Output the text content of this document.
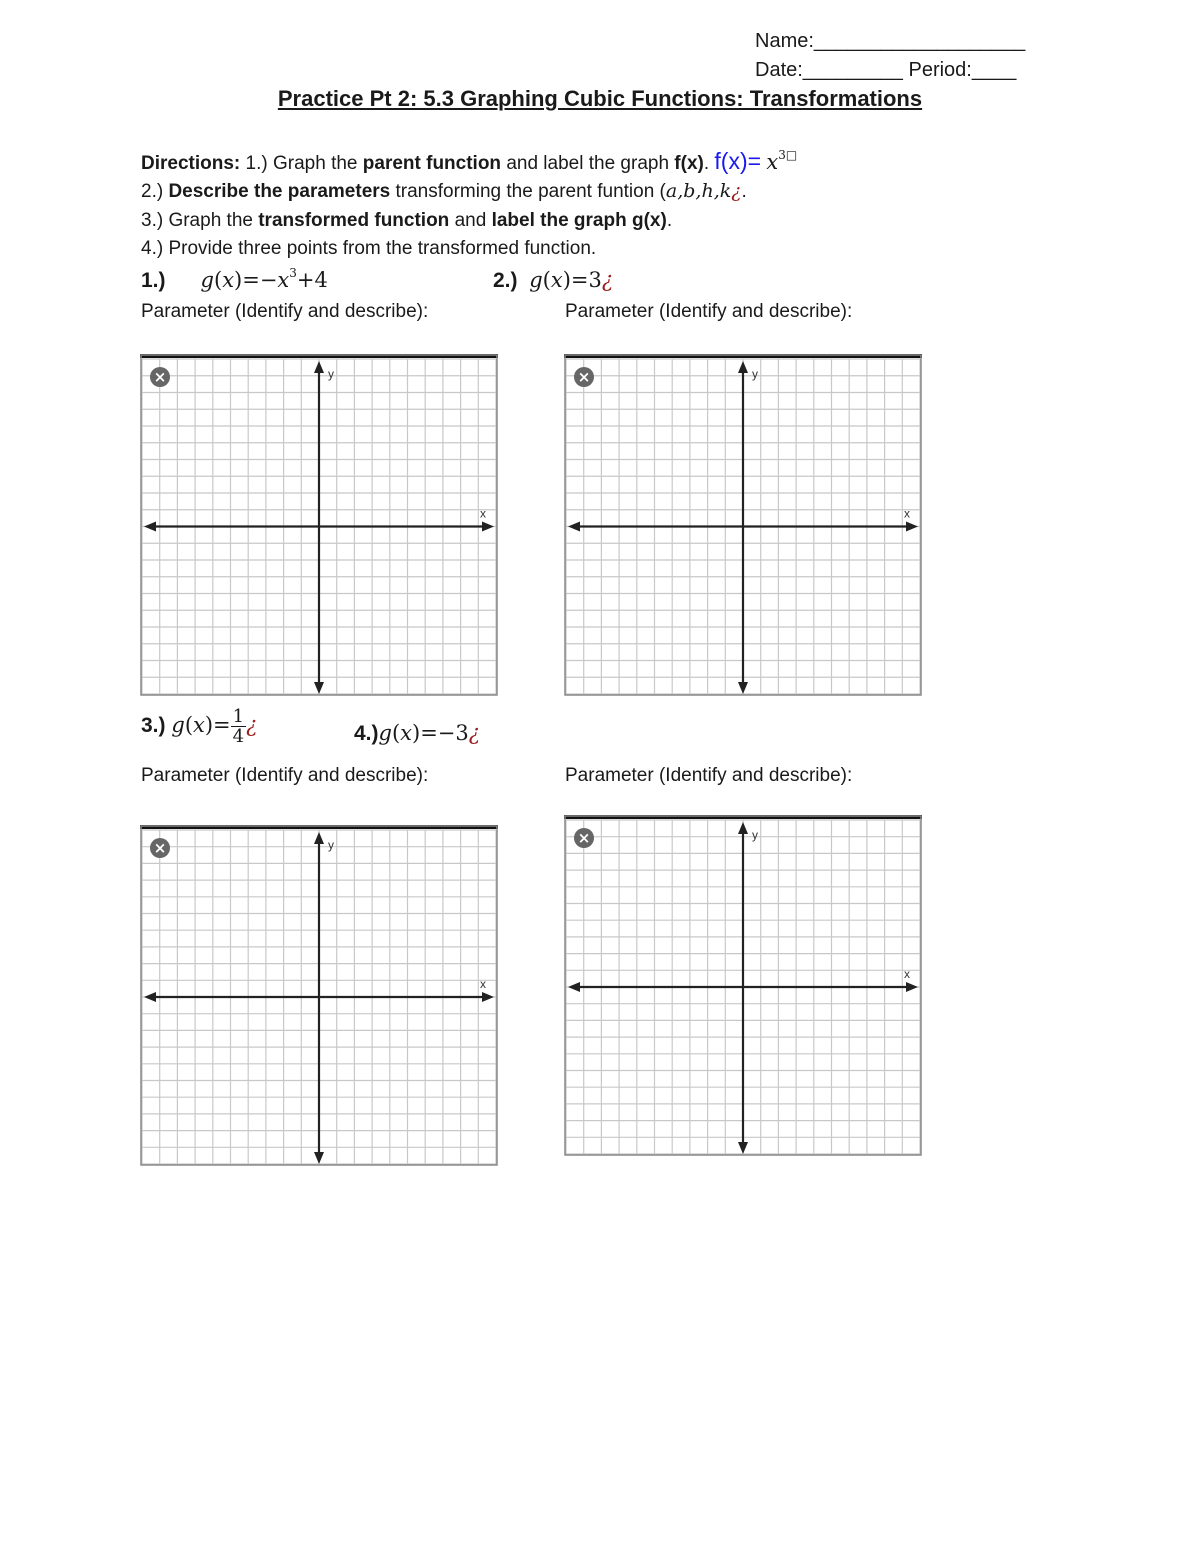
Name:___________________
Date:_________ Period:____
Practice Pt 2: 5.3 Graphing Cubic Functions: Transformations
Directions: 1.) Graph the parent function and label the graph f(x). $f(x)= x^{3□}$
2.) Describe the parameters transforming the parent funtion (a,b,h,k¿.
3.) Graph the transformed function and label the graph g(x).
4.) Provide three points from the transformed function.
1.) $g(x)=-x^3+4$	2.) g(x)=3¿
Parameter (Identify and describe):	Parameter (Identify and describe):
y
x
×	y
x
×
3.) $g(x)= \frac{1}{4}$ ¿	4.)g(x)=−3¿
Parameter (Identify and describe):	Parameter (Identify and describe):
y
x
×
y
x
×
